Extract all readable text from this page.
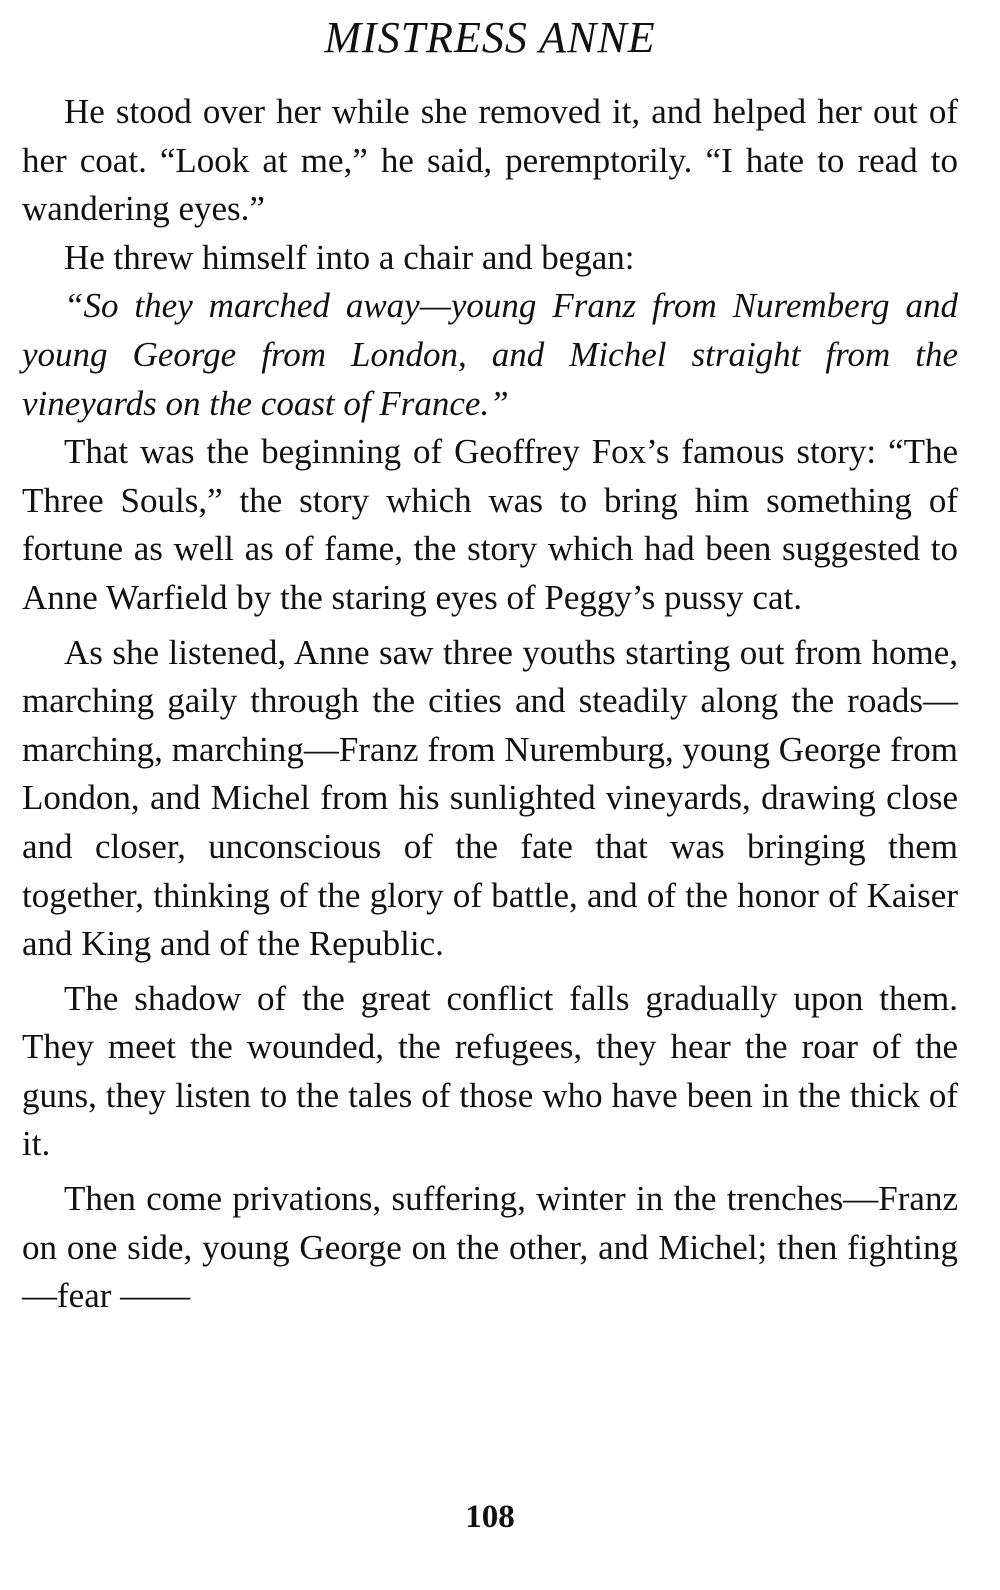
MISTRESS ANNE

He stood over her while she removed it, and helped her out of her coat. “Look at me,” he said, peremptorily. “I hate to read to wandering eyes.”

He threw himself into a chair and began:

“So they marched away—young Franz from Nuremberg and young George from London, and Michel straight from the vineyards on the coast of France.”

That was the beginning of Geoffrey Fox’s famous story: “The Three Souls,” the story which was to bring him something of fortune as well as of fame, the story which had been suggested to Anne Warfield by the staring eyes of Peggy’s pussy cat.

As she listened, Anne saw three youths starting out from home, marching gaily through the cities and steadily along the roads—marching, marching—Franz from Nuremburg, young George from London, and Michel from his sunlighted vineyards, drawing close and closer, unconscious of the fate that was bringing them together, thinking of the glory of battle, and of the honor of Kaiser and King and of the Republic.

The shadow of the great conflict falls gradually upon them. They meet the wounded, the refugees, they hear the roar of the guns, they listen to the tales of those who have been in the thick of it.

Then come privations, suffering, winter in the trenches—Franz on one side, young George on the other, and Michel; then fighting—fear ——

108
